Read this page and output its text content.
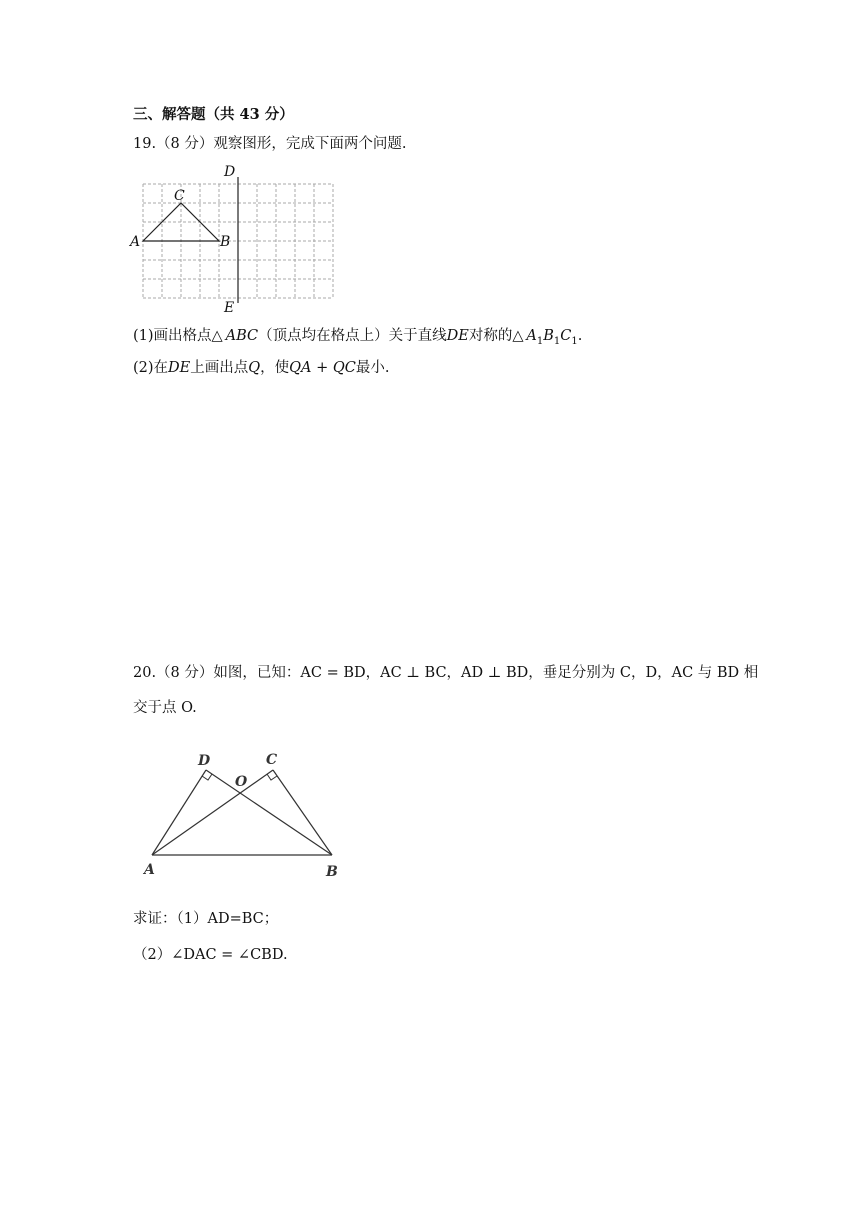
三、解答题（共 43 分）
19.（8 分）观察图形，完成下面两个问题.
A	B
C
D
E
(1)画出格点△  ABC（顶点均在格点上）关于直线DE对称的△  $A_1B_1C_1$.
(2)在DE上画出点Q，使QA + QC最小.
20.（8 分）如图，已知：AC = BD，AC ⊥ BC，AD ⊥ BD，垂足分别为 C，D，AC 与 BD 相
交于点 O.
A	B
D	C
O
求证：（1）AD=BC；
（2）∠DAC = ∠CBD.
